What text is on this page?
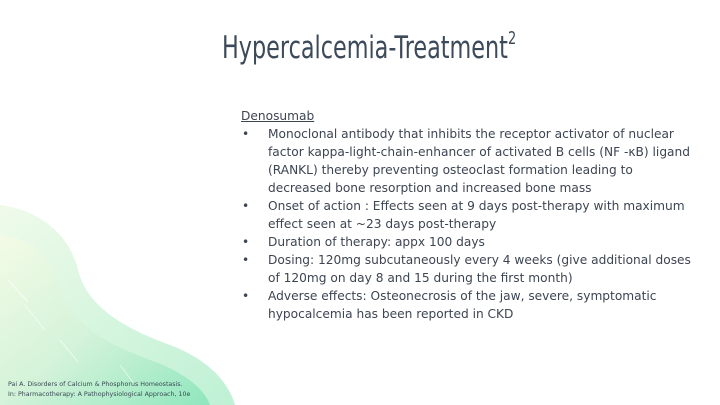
Hypercalcemia-Treatment$^2$
Denosumab
• Monoclonal antibody that inhibits the receptor activator of nuclear factor kappa-light-chain-enhancer of activated B cells (NF -κB) ligand (RANKL) thereby preventing osteoclast formation leading to decreased bone resorption and increased bone mass
• Onset of action : Effects seen at 9 days post-therapy with maximum effect seen at ~23 days post-therapy
• Duration of therapy: appx 100 days
• Dosing: 120mg subcutaneously every 4 weeks (give additional doses of 120mg on day 8 and 15 during the first month)
• Adverse effects: Osteonecrosis of the jaw, severe, symptomatic hypocalcemia has been reported in CKD
Pai A. Disorders of Calcium & Phosphorus Homeostasis.
In: Pharmacotherapy: A Pathophysiological Approach, 10e
